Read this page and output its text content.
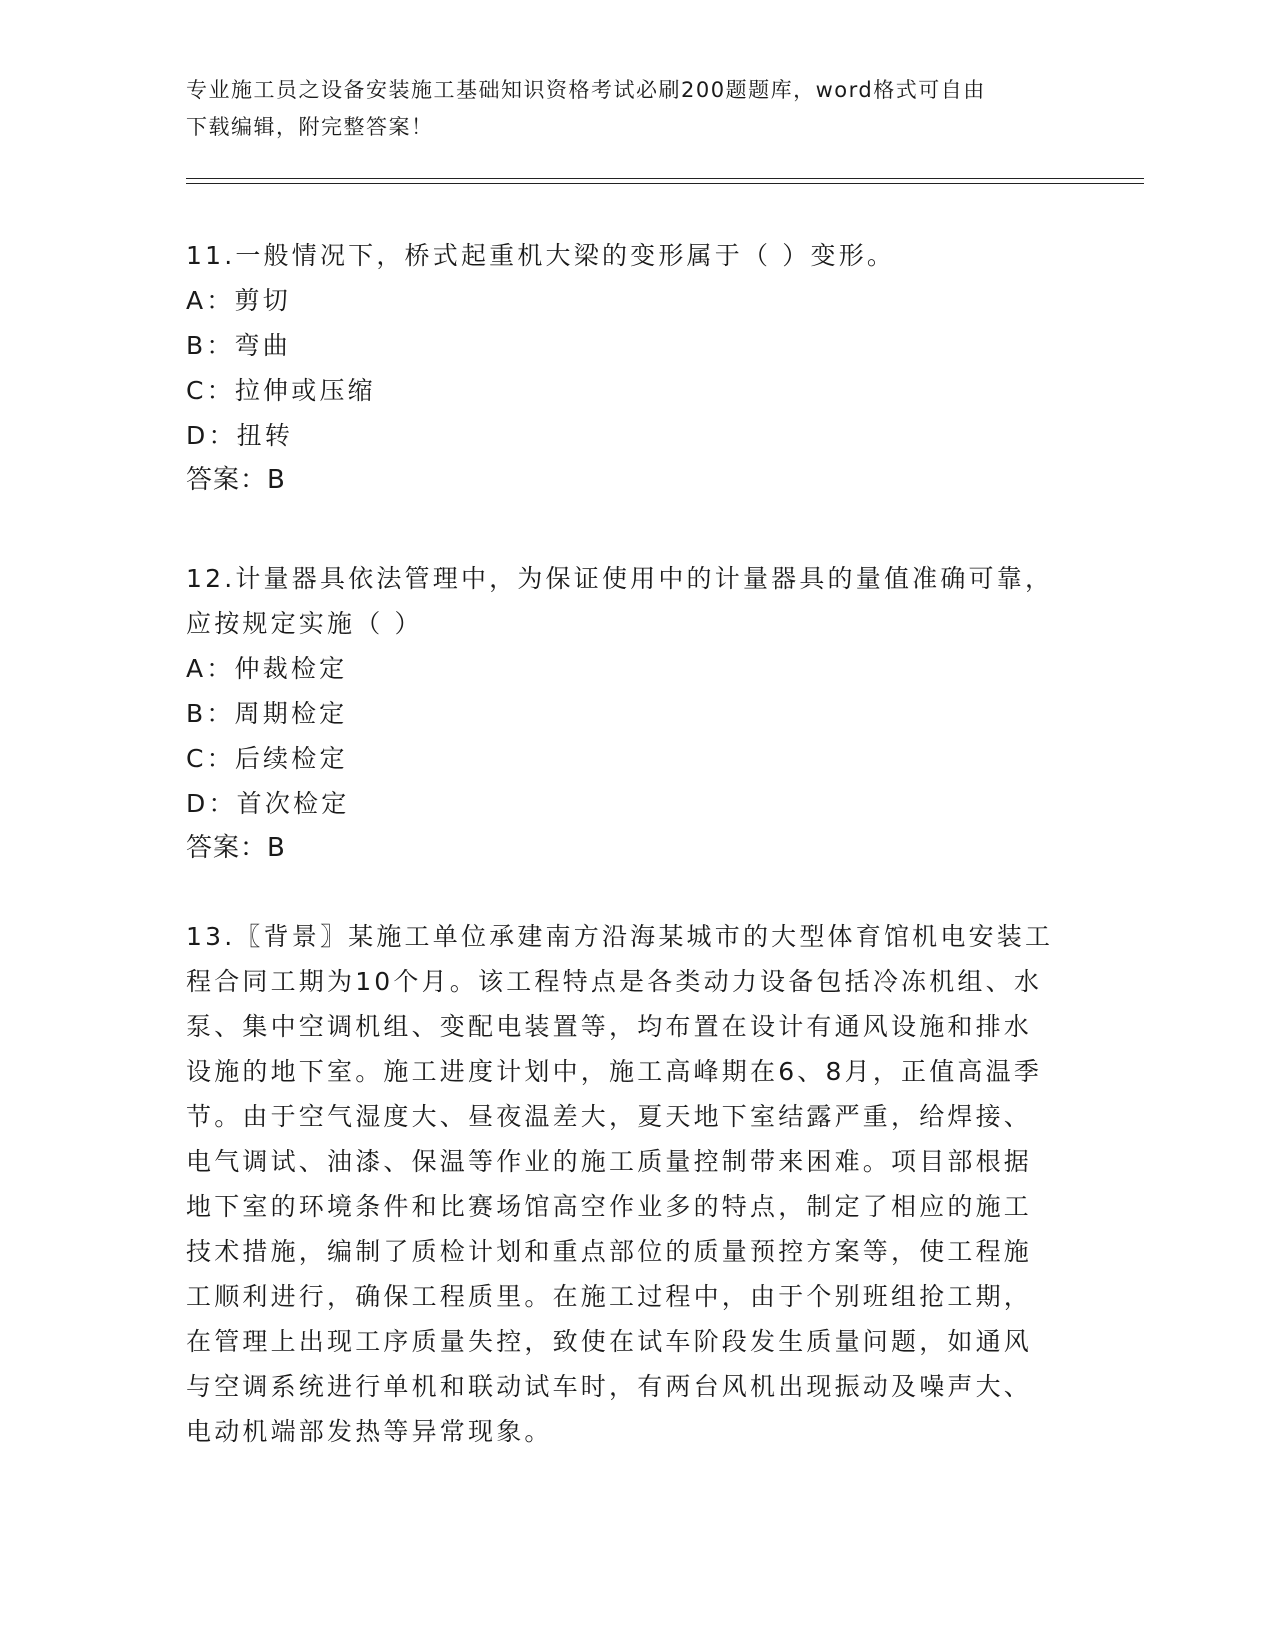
专业施工员之设备安装施工基础知识资格考试必刷200题题库，word格式可自由
下载编辑，附完整答案！
11.一般情况下，桥式起重机大梁的变形属于（ ）变形。
A：剪切
B：弯曲
C：拉伸或压缩
D：扭转
答案：B
12.计量器具依法管理中，为保证使用中的计量器具的量值准确可靠，
应按规定实施（ ）
A：仲裁检定
B：周期检定
C：后续检定
D：首次检定
答案：B
13.〖背景〗某施工单位承建南方沿海某城市的大型体育馆机电安装工
程合同工期为10个月。该工程特点是各类动力设备包括冷冻机组、水
泵、集中空调机组、变配电装置等，均布置在设计有通风设施和排水
设施的地下室。施工进度计划中，施工高峰期在6、8月，正值高温季
节。由于空气湿度大、昼夜温差大，夏天地下室结露严重，给焊接、
电气调试、油漆、保温等作业的施工质量控制带来困难。项目部根据
地下室的环境条件和比赛场馆高空作业多的特点，制定了相应的施工
技术措施，编制了质检计划和重点部位的质量预控方案等，使工程施
工顺利进行，确保工程质里。在施工过程中，由于个别班组抢工期，
在管理上出现工序质量失控，致使在试车阶段发生质量问题，如通风
与空调系统进行单机和联动试车时，有两台风机出现振动及噪声大、
电动机端部发热等异常现象。
